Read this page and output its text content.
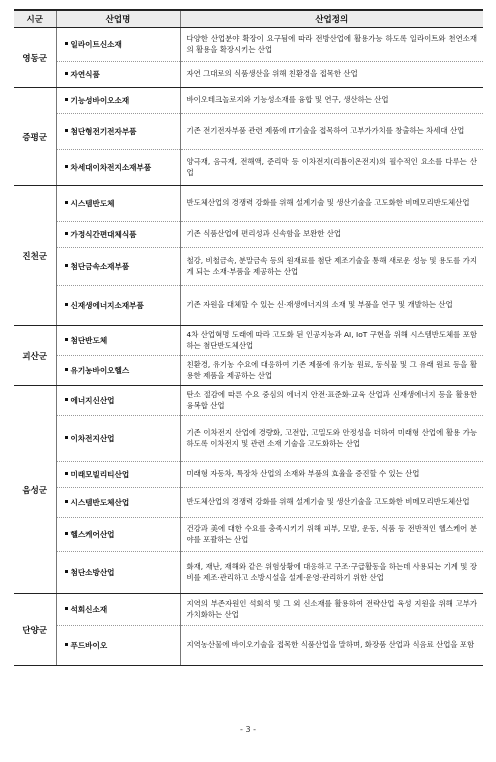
시군	산업명	산업정의
영동군	일라이트신소재	다양한 산업분야 확장이 요구됨에 따라 전방산업에 활용가능 하도록 일라이트와 천연소재의 활용을 확장시키는 산업
	자연식품	자연 그대로의 식품생산을 위해 친환경을 접목한 산업
증평군	기능성바이오소재	바이오테크놀로지와 기능성소재를 융합 및 연구, 생산하는 산업
	첨단형전기전자부품	기존 전기전자부품 관련 제품에 IT기술을 접목하여 고부가가치를 창출하는 차세대 산업
	차세대이차전지소재부품	양극재, 음극재, 전해액, 준리막 등 이차전지(리튬이온전지)의 필수적인 요소를 다루는 산업
진천군	시스템반도체	반도체산업의 경쟁력 강화를 위해 설계기술 및 생산기술을 고도화한 비메모리반도체산업
	가정식간편대체식품	기존 식품산업에 편리성과 신속함을 보완한 산업
	첨단금속소재부품	철강, 비철금속, 분말금속 등의 원재료를 첨단 제조기술을 통해 새로운 성능 및 용도를 가지게 되는 소재·부품을 제공하는 산업
	신재생에너지소재부품	기존 자원을 대체할 수 있는 신·재생에너지의 소재 및 부품을 연구 및 개발하는 산업
괴산군	첨단반도체	4차 산업혁명 도래에 따라 고도화 된 인공지능과 AI, IoT 구현을 위해 시스템반도체를 포함하는 첨단반도체산업
	유기농바이오헬스	친환경, 유기농 수요에 대응하여 기존 제품에 유기농 원료, 동식물 및 그 유래 원료 등을 활용한 제품을 제공하는 산업
음성군	에너지신산업	탄소 절감에 따른 수요 중심의 에너지 안전·표준화·교육 산업과 신재생에너지 등을 활용한 융복합 산업
	이차전지산업	기존 이차전지 산업에 경량화, 고전압, 고밀도와 안정성을 더하여 미래형 산업에 활용 가능하도록 이차전지 및 관련 소재 기술을 고도화하는 산업
	미래모빌리티산업	미래형 자동차, 특장차 산업의 소재와 부품의 효율을 증진할 수 있는 산업
	시스템반도체산업	반도체산업의 경쟁력 강화를 위해 설계기술 및 생산기술을 고도화한 비메모리반도체산업
	헬스케어산업	건강과 美에 대한 수요를 충족시키기 위해 피부, 모발, 운동, 식품 등 전반적인 헬스케어 분야를 포괄하는 산업
	첨단소방산업	화재, 재난, 재해와 같은 위험상황에 대응하고 구조·구급활동을 하는데 사용되는 기계 및 장비를 제조·관리하고 소방시설을 설계·운영·관리하기 위한 산업
단양군	석회신소재	지역의 부존자원인 석회석 및 그 외 신소재를 활용하여 전략산업 육성 지원을 위해 고부가 가치화하는 산업
	푸드바이오	지역농산물에 바이오기술을 접목한 식품산업을 말하며, 화장품 산업과 식음료 산업을 포함
- 3 -
